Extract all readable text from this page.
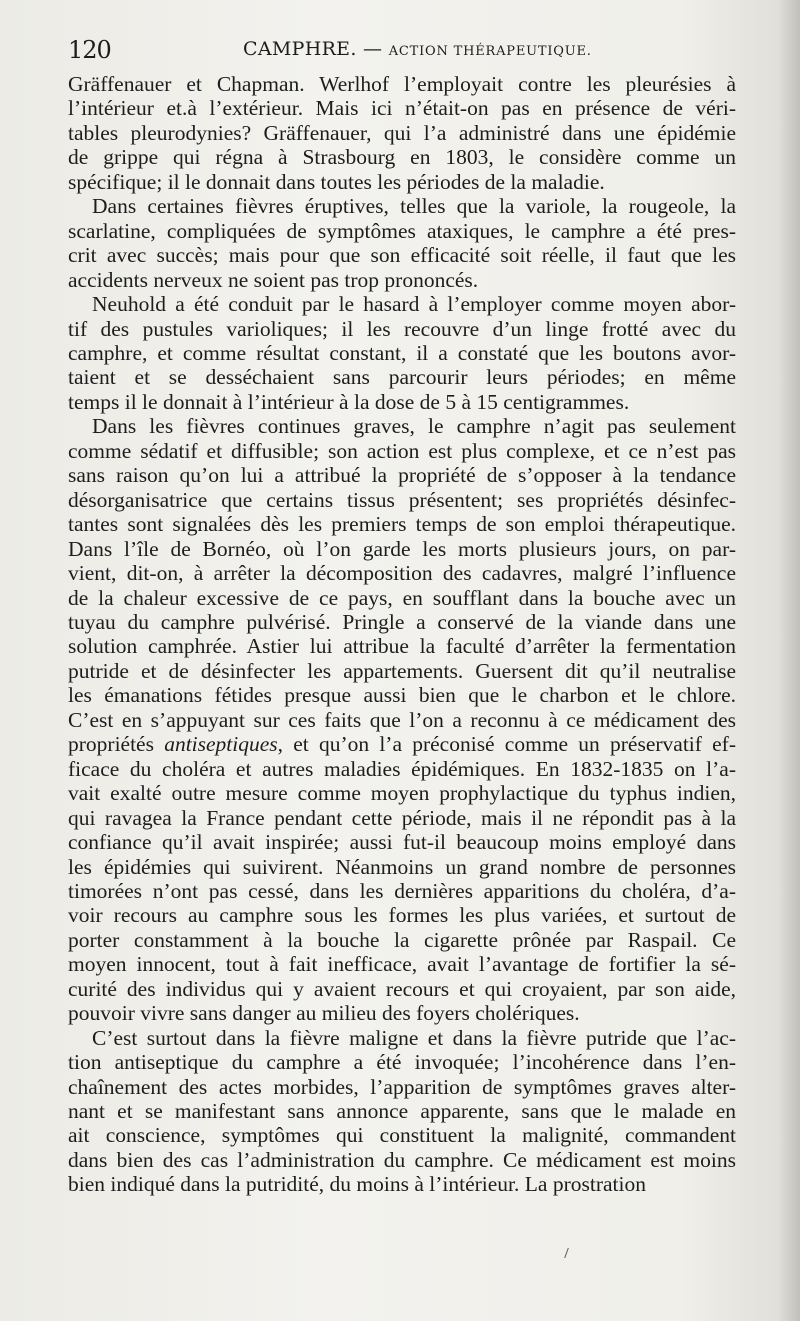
120	CAMPHRE. — ACTION THÉRAPEUTIQUE.
Gräffenauer et Chapman. Werlhof l’employait contre les pleurésies à
l’intérieur et.à l’extérieur. Mais ici n’était-on pas en présence de véri-
tables pleurodynies? Gräffenauer, qui l’a administré dans une épidémie
de grippe qui régna à Strasbourg en 1803, le considère comme un
spécifique; il le donnait dans toutes les périodes de la maladie.
Dans certaines fièvres éruptives, telles que la variole, la rougeole, la
scarlatine, compliquées de symptômes ataxiques, le camphre a été pres-
crit avec succès; mais pour que son efficacité soit réelle, il faut que les
accidents nerveux ne soient pas trop prononcés.
Neuhold a été conduit par le hasard à l’employer comme moyen abor-
tif des pustules varioliques; il les recouvre d’un linge frotté avec du
camphre, et comme résultat constant, il a constaté que les boutons avor-
taient et se desséchaient sans parcourir leurs périodes; en même
temps il le donnait à l’intérieur à la dose de 5 à 15 centigrammes.
Dans les fièvres continues graves, le camphre n’agit pas seulement
comme sédatif et diffusible; son action est plus complexe, et ce n’est pas
sans raison qu’on lui a attribué la propriété de s’opposer à la tendance
désorganisatrice que certains tissus présentent; ses propriétés désinfec-
tantes sont signalées dès les premiers temps de son emploi thérapeutique.
Dans l’île de Bornéo, où l’on garde les morts plusieurs jours, on par-
vient, dit-on, à arrêter la décomposition des cadavres, malgré l’influence
de la chaleur excessive de ce pays, en soufflant dans la bouche avec un
tuyau du camphre pulvérisé. Pringle a conservé de la viande dans une
solution camphrée. Astier lui attribue la faculté d’arrêter la fermentation
putride et de désinfecter les appartements. Guersent dit qu’il neutralise
les émanations fétides presque aussi bien que le charbon et le chlore.
C’est en s’appuyant sur ces faits que l’on a reconnu à ce médicament des
propriétés antiseptiques, et qu’on l’a préconisé comme un préservatif ef-
ficace du choléra et autres maladies épidémiques. En 1832-1835 on l’a-
vait exalté outre mesure comme moyen prophylactique du typhus indien,
qui ravagea la France pendant cette période, mais il ne répondit pas à la
confiance qu’il avait inspirée; aussi fut-il beaucoup moins employé dans
les épidémies qui suivirent. Néanmoins un grand nombre de personnes
timorées n’ont pas cessé, dans les dernières apparitions du choléra, d’a-
voir recours au camphre sous les formes les plus variées, et surtout de
porter constamment à la bouche la cigarette prônée par Raspail. Ce
moyen innocent, tout à fait inefficace, avait l’avantage de fortifier la sé-
curité des individus qui y avaient recours et qui croyaient, par son aide,
pouvoir vivre sans danger au milieu des foyers cholériques.
C’est surtout dans la fièvre maligne et dans la fièvre putride que l’ac-
tion antiseptique du camphre a été invoquée; l’incohérence dans l’en-
chaînement des actes morbides, l’apparition de symptômes graves alter-
nant et se manifestant sans annonce apparente, sans que le malade en
ait conscience, symptômes qui constituent la malignité, commandent
dans bien des cas l’administration du camphre. Ce médicament est moins
bien indiqué dans la putridité, du moins à l’intérieur. La prostration
